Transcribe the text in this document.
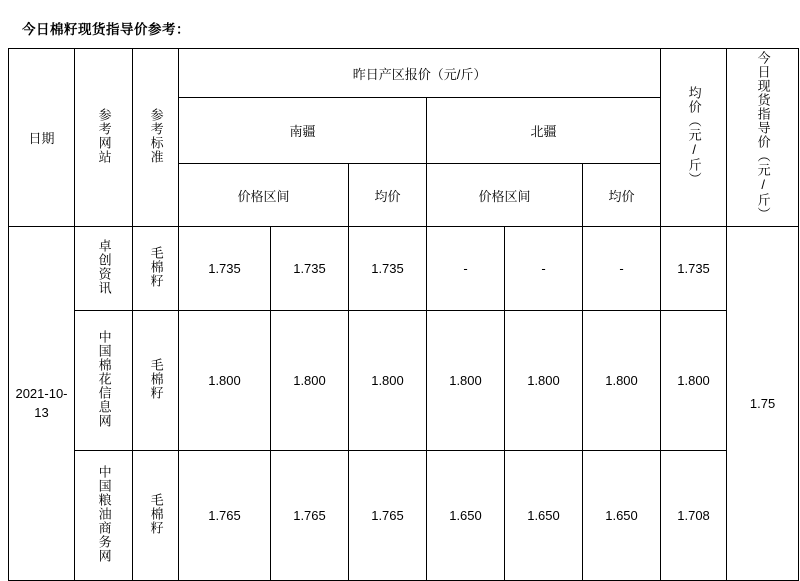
今日棉籽现货指导价参考：
日期	参考网站	参考标准	昨日产区报价（元/斤）						均价（元/斤）	今日现货指导价（元/斤）
			南疆			北疆				
			价格区间		均价	价格区间		均价		
2021-10-13	卓创资讯	毛棉籽	1.735	1.735	1.735	-	-	-	1.735	1.75
	中国棉花信息网	毛棉籽	1.800	1.800	1.800	1.800	1.800	1.800	1.800	
	中国粮油商务网	毛棉籽	1.765	1.765	1.765	1.650	1.650	1.650	1.708	
